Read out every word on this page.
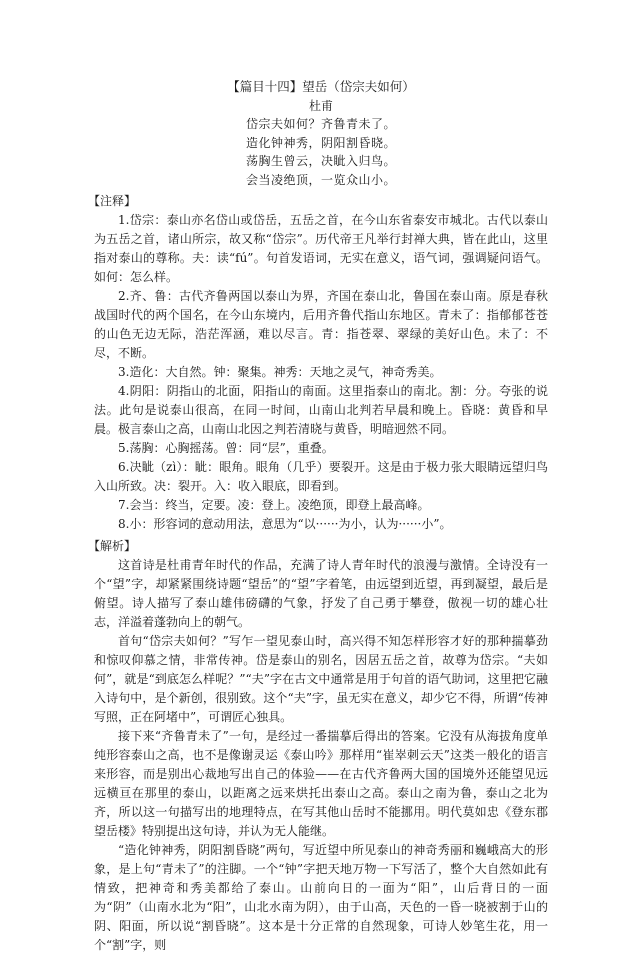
【篇目十四】望岳（岱宗夫如何）
杜甫
岱宗夫如何？齐鲁青未了。
造化钟神秀，阴阳割昏晓。
荡胸生曾云，决眦入归鸟。
会当凌绝顶，一览众山小。
【注释】

1.岱宗：泰山亦名岱山或岱岳，五岳之首，在今山东省泰安市城北。古代以泰山为五岳之首，诸山所宗，故又称“岱宗”。历代帝王凡举行封禅大典，皆在此山，这里指对泰山的尊称。夫：读“fú”。句首发语词，无实在意义，语气词，强调疑问语气。如何：怎么样。

2.齐、鲁：古代齐鲁两国以泰山为界，齐国在泰山北，鲁国在泰山南。原是春秋战国时代的两个国名，在今山东境内，后用齐鲁代指山东地区。青未了：指郁郁苍苍的山色无边无际，浩茫浑涵，难以尽言。青：指苍翠、翠绿的美好山色。未了：不尽，不断。

3.造化：大自然。钟：聚集。神秀：天地之灵气，神奇秀美。

4.阴阳：阴指山的北面，阳指山的南面。这里指泰山的南北。割：分。夸张的说法。此句是说泰山很高，在同一时间，山南山北判若早晨和晚上。昏晓：黄昏和早晨。极言泰山之高，山南山北因之判若清晓与黄昏，明暗迥然不同。

5.荡胸：心胸摇荡。曾：同“层”，重叠。

6.决眦（zì）：眦：眼角。眼角（几乎）要裂开。这是由于极力张大眼睛远望归鸟入山所致。决：裂开。入：收入眼底，即看到。

7.会当：终当，定要。凌：登上。凌绝顶，即登上最高峰。

8.小：形容词的意动用法，意思为“以······为小，认为······小”。

【解析】

这首诗是杜甫青年时代的作品，充满了诗人青年时代的浪漫与激情。全诗没有一个“望”字，却紧紧围绕诗题“望岳”的“望”字着笔，由远望到近望，再到凝望，最后是俯望。诗人描写了泰山雄伟磅礴的气象，抒发了自己勇于攀登，傲视一切的雄心壮志，洋溢着蓬勃向上的朝气。

首句“岱宗夫如何？”写乍一望见泰山时，高兴得不知怎样形容才好的那种揣摹劲和惊叹仰慕之情，非常传神。岱是泰山的别名，因居五岳之首，故尊为岱宗。“夫如何”，就是“到底怎么样呢？”“夫”字在古文中通常是用于句首的语气助词，这里把它融入诗句中，是个新创，很别致。这个“夫”字，虽无实在意义，却少它不得，所谓“传神写照，正在阿堵中”，可谓匠心独具。

接下来“齐鲁青未了”一句，是经过一番揣摹后得出的答案。它没有从海拔角度单纯形容泰山之高，也不是像谢灵运《泰山吟》那样用“崔崒刺云天”这类一般化的语言来形容，而是别出心裁地写出自己的体验——在古代齐鲁两大国的国境外还能望见远远横亘在那里的泰山，以距离之远来烘托出泰山之高。泰山之南为鲁，泰山之北为齐，所以这一句描写出的地理特点，在写其他山岳时不能挪用。明代莫如忠《登东郡望岳楼》特别提出这句诗，并认为无人能继。

“造化钟神秀，阴阳割昏晓”两句，写近望中所见泰山的神奇秀丽和巍峨高大的形象，是上句“青未了”的注脚。一个“钟”字把天地万物一下写活了，整个大自然如此有情致，把神奇和秀美都给了泰山。山前向日的一面为“阳”，山后背日的一面为“阴”（山南水北为“阳”，山北水南为阴），由于山高，天色的一昏一晓被割于山的阴、阳面，所以说“割昏晓”。这本是十分正常的自然现象，可诗人妙笔生花，用一个“割”字，则
